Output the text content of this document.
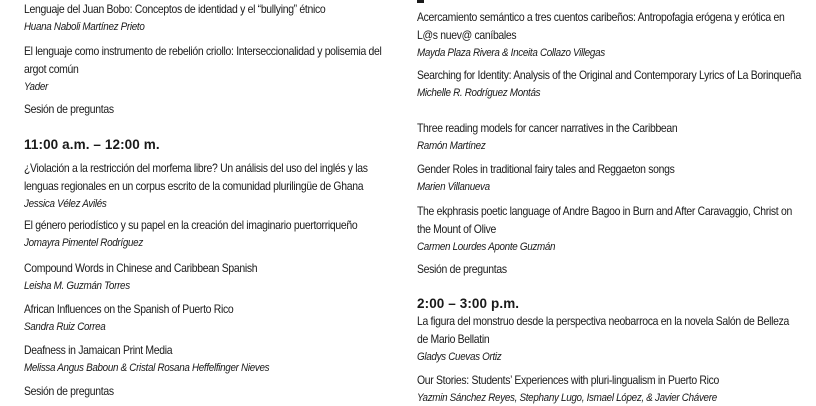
Lenguaje del Juan Bobo: Conceptos de identidad y el “bullying” étnico
Huana Naboli Martínez Prieto
El lenguaje como instrumento de rebelión criollo: Interseccionalidad y polisemia del argot común
Yader
Sesión de preguntas
11:00 a.m. – 12:00 m.
¿Violación a la restricción del morfema libre? Un análisis del uso del inglés y las lenguas regionales en un corpus escrito de la comunidad plurilingüe de Ghana
Jessica Vélez Avilés
El género periodístico y su papel en la creación del imaginario puertorriqueño
Jomayra Pimentel Rodríguez
Compound Words in Chinese and Caribbean Spanish
Leisha M. Guzmán Torres
African Influences on the Spanish of Puerto Rico
Sandra Ruiz Correa
Deafness in Jamaican Print Media
Melissa Angus Baboun & Cristal Rosana Heffelfinger Nieves
Sesión de preguntas
Acercamiento semántico a tres cuentos caribeños: Antropofagia erógena y erótica en L@s nuev@ caníbales
Mayda Plaza Rivera & Inceita Collazo Villegas
Searching for Identity: Analysis of the Original and Contemporary Lyrics of La Borinqueña
Michelle R. Rodríguez Montás
Three reading models for cancer narratives in the Caribbean
Ramón Martínez
Gender Roles in traditional fairy tales and Reggaeton songs
Marien Villanueva
The ekphrasis poetic language of Andre Bagoo in Burn and After Caravaggio, Christ on the Mount of Olive
Carmen Lourdes Aponte Guzmán
Sesión de preguntas
2:00 – 3:00 p.m.
La figura del monstruo desde la perspectiva neobarroca en la novela Salón de Belleza de Mario Bellatin
Gladys Cuevas Ortiz
Our Stories: Students’ Experiences with pluri-lingualism in Puerto Rico
Yazmin Sánchez Reyes, Stephany Lugo, Ismael López, & Javier Chávere
